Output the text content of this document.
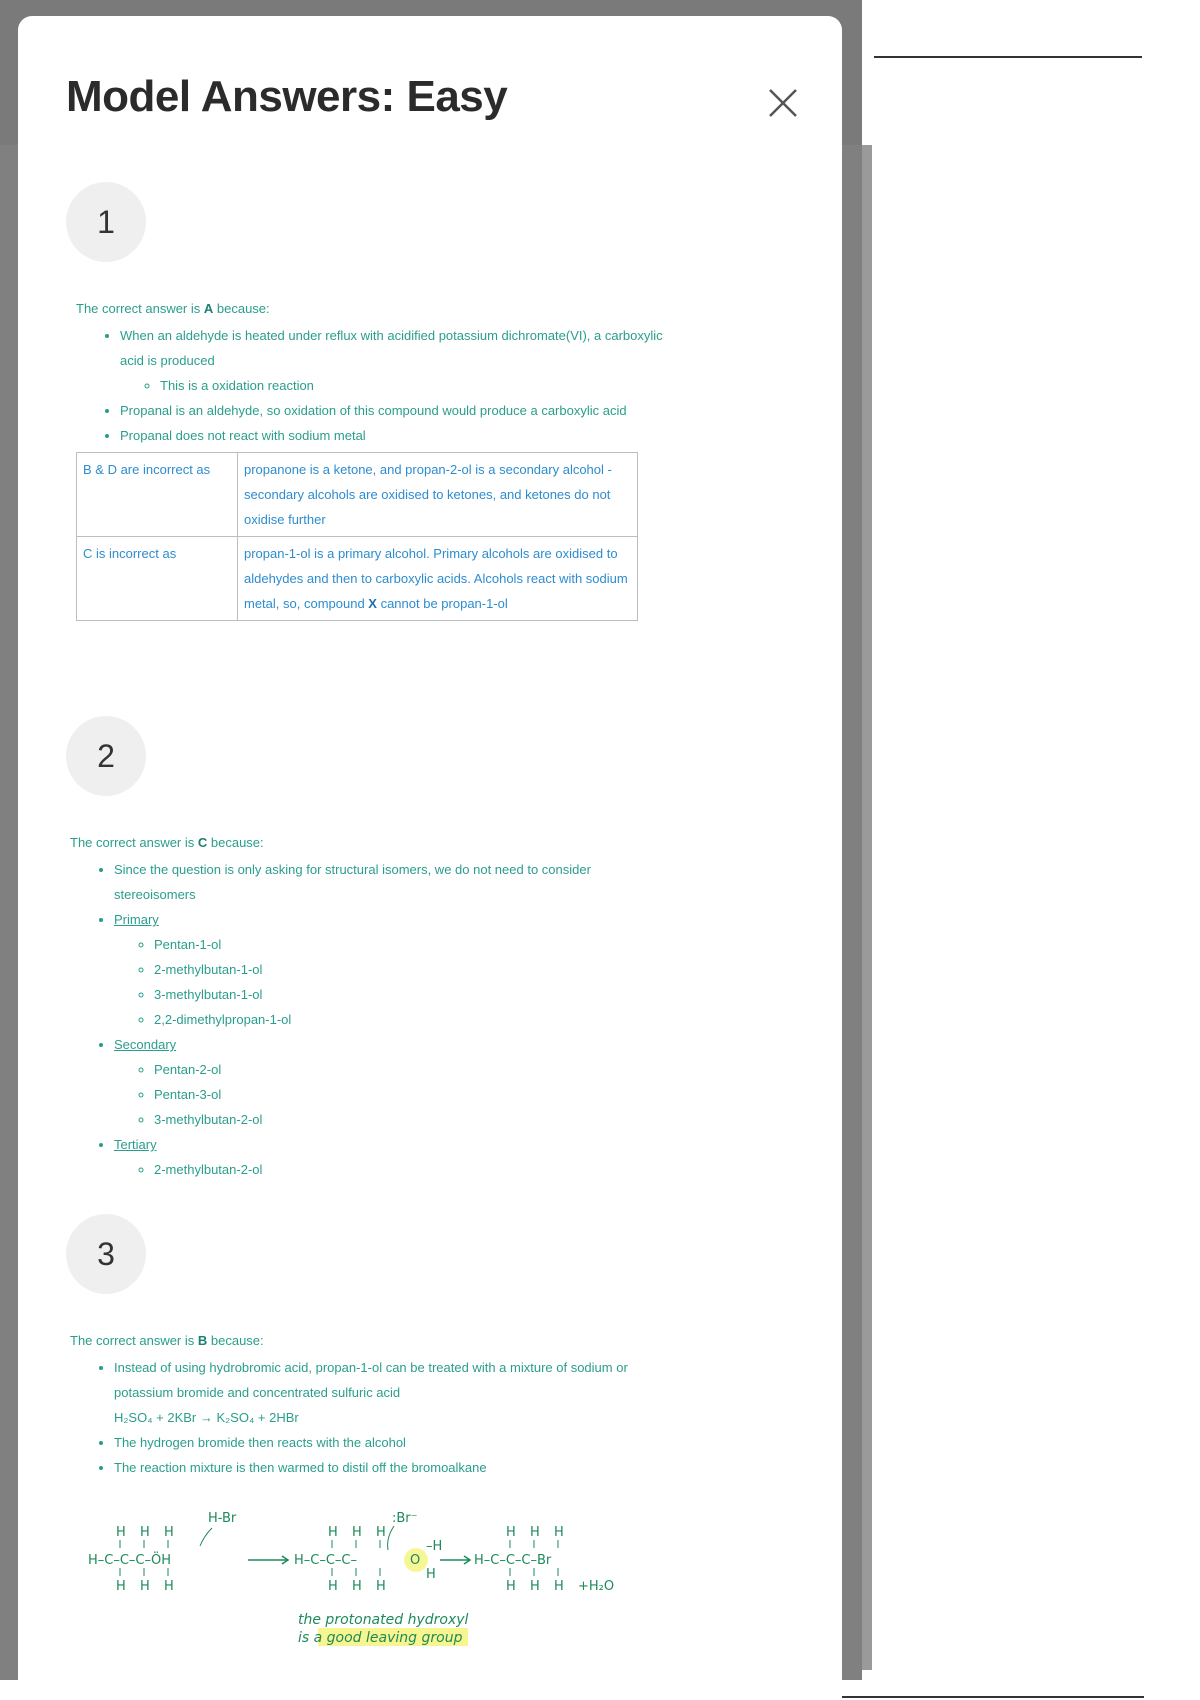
Model Answers: Easy
1

The correct answer is A because:

• When an aldehyde is heated under reflux with acidified potassium dichromate(VI), a carboxylic acid is produced
◦ This is a oxidation reaction
• Propanal is an aldehyde, so oxidation of this compound would produce a carboxylic acid
• Propanal does not react with sodium metal
B & D are incorrect as	propanone is a ketone, and propan-2-ol is a secondary alcohol - secondary alcohols are oxidised to ketones, and ketones do not oxidise further
C is incorrect as	propan-1-ol is a primary alcohol. Primary alcohols are oxidised to aldehydes and then to carboxylic acids. Alcohols react with sodium metal, so, compound X cannot be propan-1-ol
2

The correct answer is C because:

• Since the question is only asking for structural isomers, we do not need to consider stereoisomers
• Primary
◦ Pentan-1-ol
◦ 2-methylbutan-1-ol
◦ 3-methylbutan-1-ol
◦ 2,2-dimethylpropan-1-ol
• Secondary
◦ Pentan-2-ol
◦ Pentan-3-ol
◦ 3-methylbutan-2-ol
• Tertiary
◦ 2-methylbutan-2-ol
3

The correct answer is B because:

• Instead of using hydrobromic acid, propan-1-ol can be treated with a mixture of sodium or potassium bromide and concentrated sulfuric acid
H₂SO₄ + 2KBr → K₂SO₄ + 2HBr
• The hydrogen bromide then reacts with the alcohol
• The reaction mixture is then warmed to distil off the bromoalkane
H H H
H–C–C–C–ÖH
H H H
H-Br
H H H
H–C–C–C–
H H H
O
–H
H
:Br⁻
H H H
H–C–C–C–Br
H H H +H₂O
the protonated hydroxyl
is a good leaving group
